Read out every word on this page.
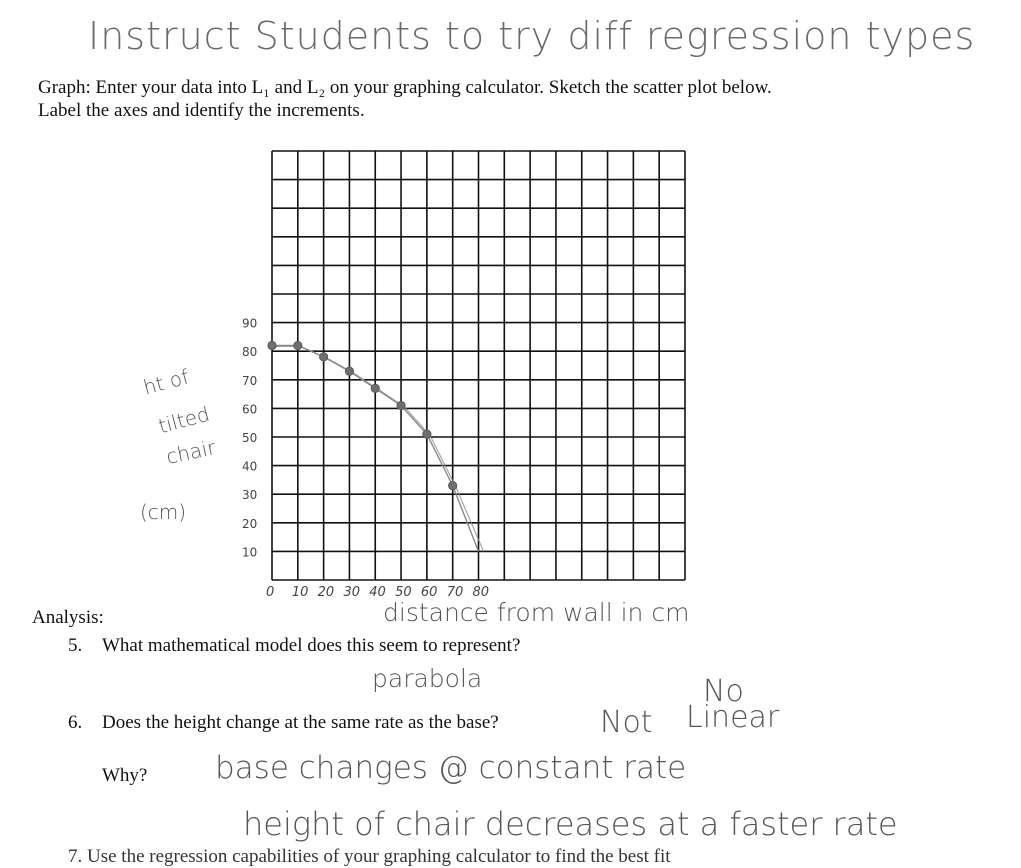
Instruct Students to try diff regression types
Graph: Enter your data into L₁ and L₂ on your graphing calculator. Sketch the scatter plot below.
Label the axes and identify the increments.
ht of
tilted
chair
(cm)
90
80
70
60
50
40
30
20
10
0 10 20 30 40 50 60 70 80
distance from wall in cm
Analysis:
5. What mathematical model does this seem to represent?
parabola
6. Does the height change at the same rate as the base?	Not
No
Linear
Why? base changes @ constant rate
height of chair decreases at a faster rate
7. Use the regression capabilities of your graphing calculator to find the best fit
